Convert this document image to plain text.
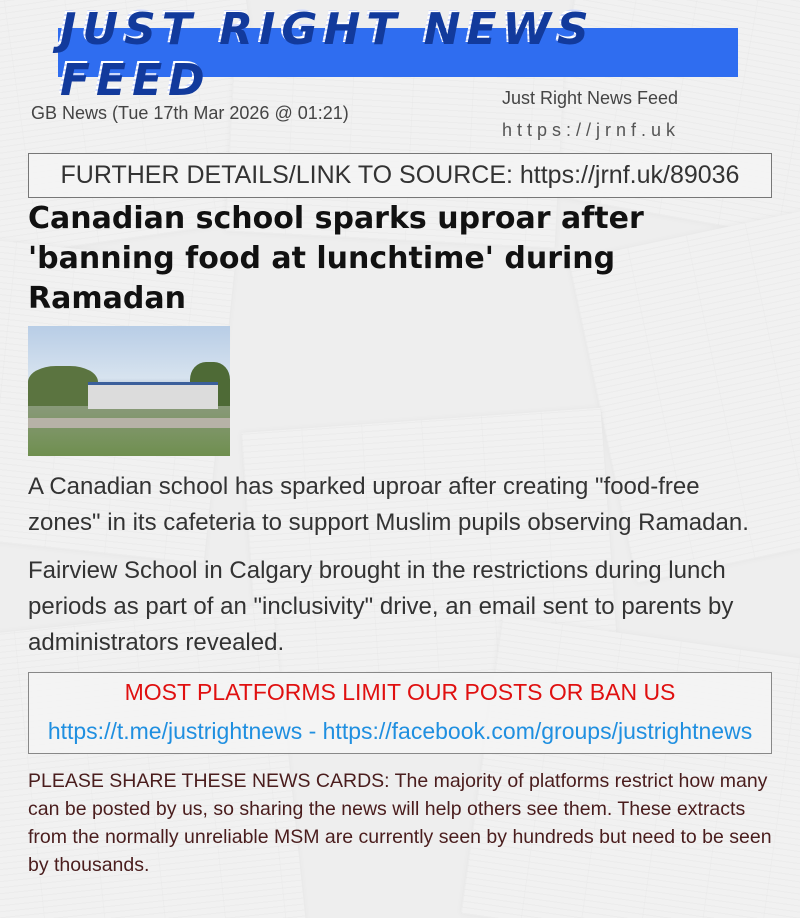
JUST RIGHT NEWS FEED
GB News (Tue 17th Mar 2026 @ 01:21)
Just Right News Feed
https://jrnf.uk
FURTHER DETAILS/LINK TO SOURCE: https://jrnf.uk/89036
Canadian school sparks uproar after 'banning food at lunchtime' during Ramadan
A Canadian school has sparked uproar after creating "food-free zones" in its cafeteria to support Muslim pupils observing Ramadan.
Fairview School in Calgary brought in the restrictions during lunch periods as part of an "inclusivity" drive, an email sent to parents by administrators revealed.
MOST PLATFORMS LIMIT OUR POSTS OR BAN US
https://t.me/justrightnews - https://facebook.com/groups/justrightnews
PLEASE SHARE THESE NEWS CARDS: The majority of platforms restrict how many can be posted by us, so sharing the news will help others see them. These extracts from the normally unreliable MSM are currently seen by hundreds but need to be seen by thousands.
